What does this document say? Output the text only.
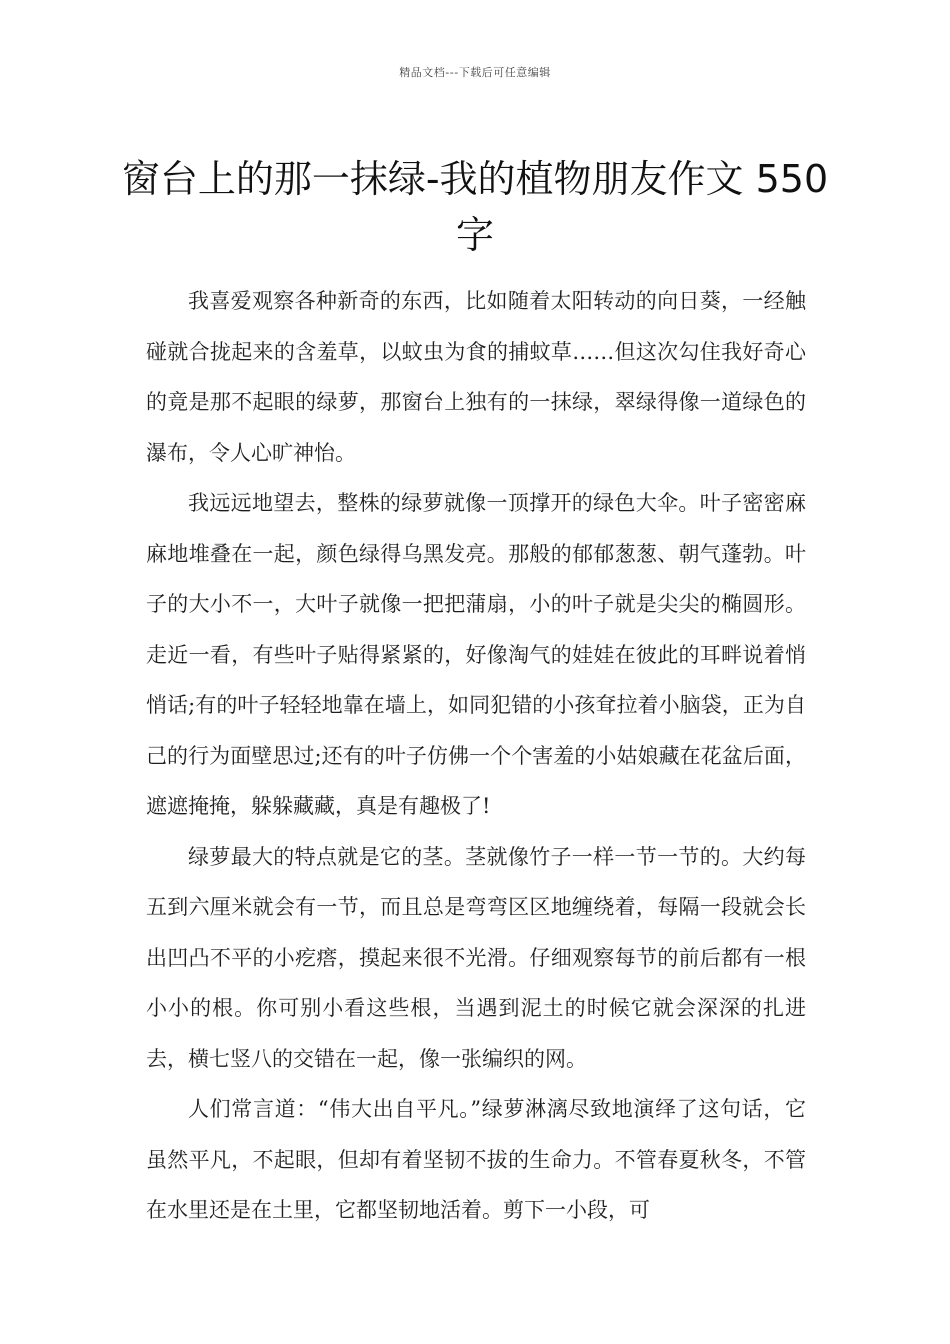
精品文档---下载后可任意编辑
窗台上的那一抹绿-我的植物朋友作文 550 字

我喜爱观察各种新奇的东西，比如随着太阳转动的向日葵，一经触碰就合拢起来的含羞草，以蚊虫为食的捕蚊草……但这次勾住我好奇心的竟是那不起眼的绿萝，那窗台上独有的一抹绿，翠绿得像一道绿色的瀑布，令人心旷神怡。

我远远地望去，整株的绿萝就像一顶撑开的绿色大伞。叶子密密麻麻地堆叠在一起，颜色绿得乌黑发亮。那般的郁郁葱葱、朝气蓬勃。叶子的大小不一，大叶子就像一把把蒲扇，小的叶子就是尖尖的椭圆形。走近一看，有些叶子贴得紧紧的，好像淘气的娃娃在彼此的耳畔说着悄悄话;有的叶子轻轻地靠在墙上，如同犯错的小孩耷拉着小脑袋，正为自己的行为面壁思过;还有的叶子仿佛一个个害羞的小姑娘藏在花盆后面，遮遮掩掩，躲躲藏藏，真是有趣极了!

绿萝最大的特点就是它的茎。茎就像竹子一样一节一节的。大约每五到六厘米就会有一节，而且总是弯弯区区地缠绕着，每隔一段就会长出凹凸不平的小疙瘩，摸起来很不光滑。仔细观察每节的前后都有一根小小的根。你可别小看这些根，当遇到泥土的时候它就会深深的扎进去，横七竖八的交错在一起，像一张编织的网。

人们常言道：“伟大出自平凡。”绿萝淋漓尽致地演绎了这句话，它虽然平凡，不起眼，但却有着坚韧不拔的生命力。不管春夏秋冬，不管在水里还是在土里，它都坚韧地活着。剪下一小段，可
